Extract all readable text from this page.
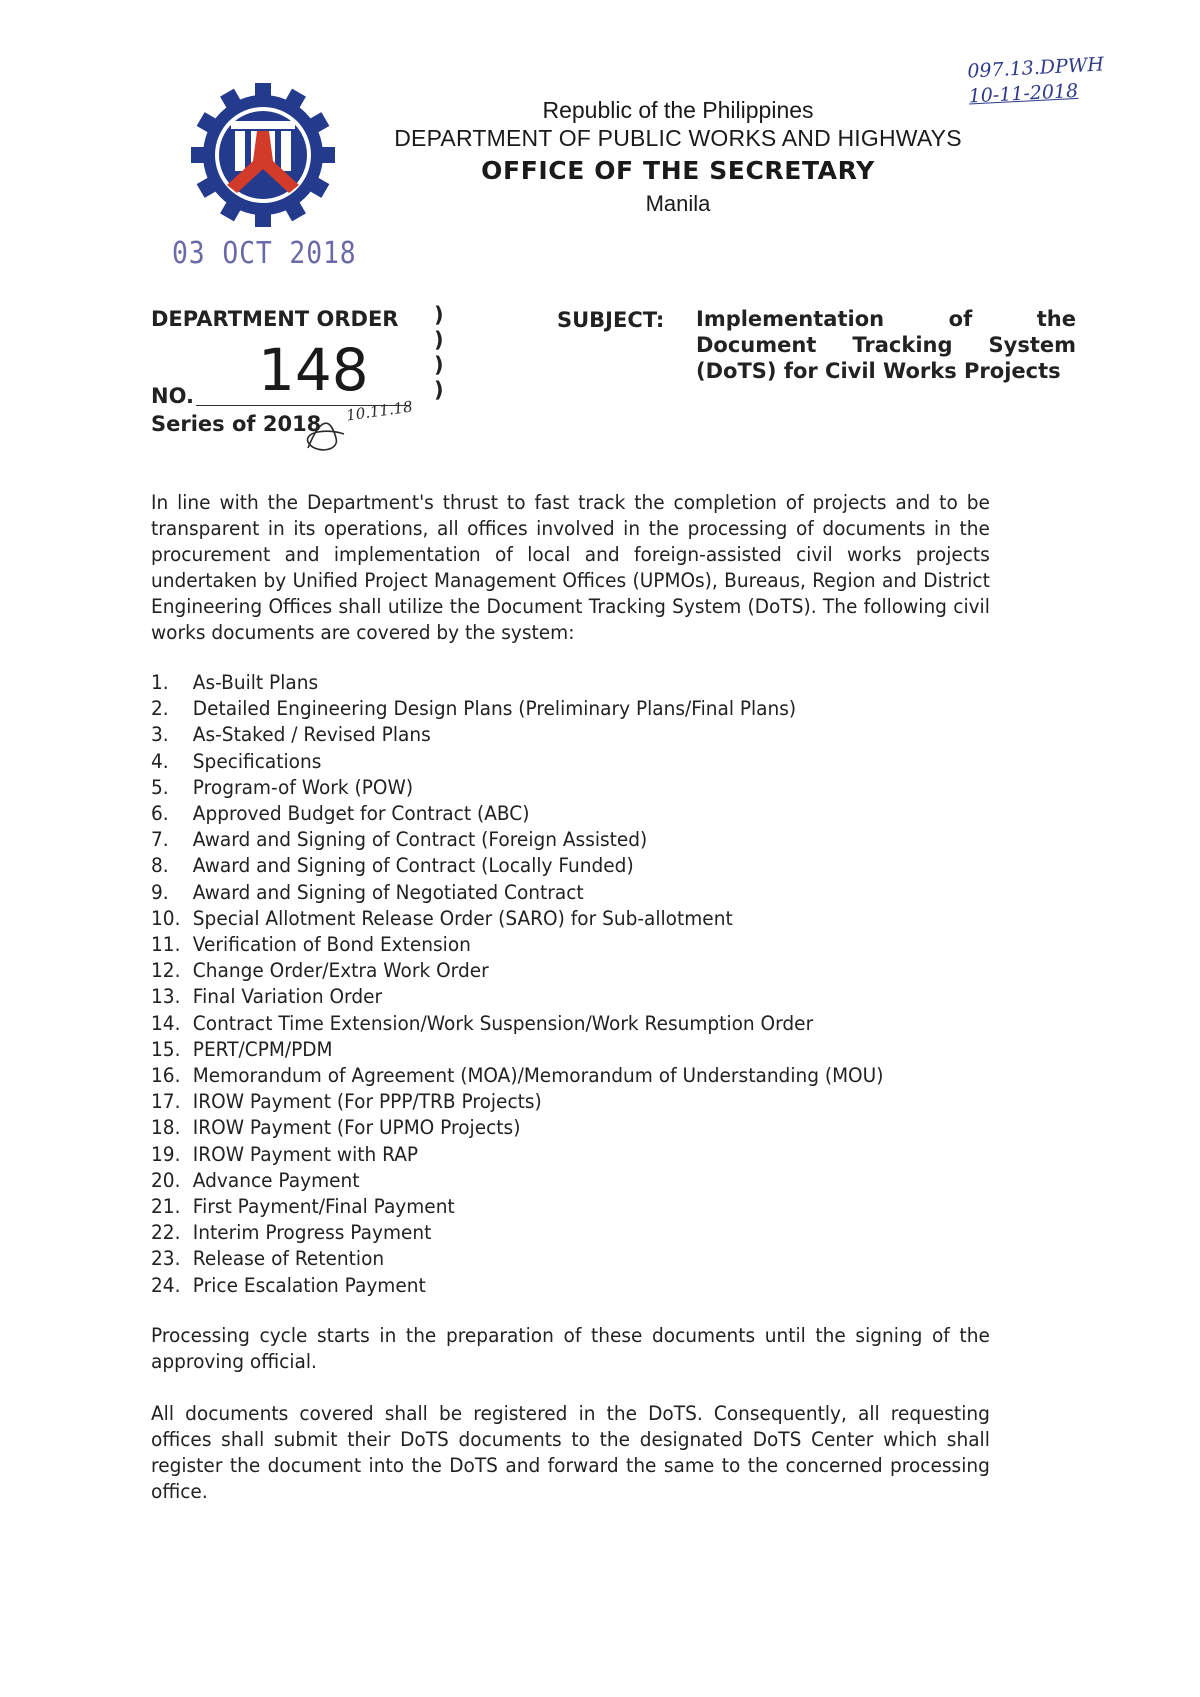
03 OCT 2018
097.13.DPWH
10-11-2018
Republic of the Philippines
DEPARTMENT OF PUBLIC WORKS AND HIGHWAYS
OFFICE OF THE SECRETARY
Manila
DEPARTMENT ORDER )
)
)
)
148
NO.
Series of 2018 10.11.18
SUBJECT: Implementation of the Document Tracking System (DoTS) for Civil Works Projects

In line with the Department's thrust to fast track the completion of projects and to be transparent in its operations, all offices involved in the processing of documents in the procurement and implementation of local and foreign-assisted civil works projects undertaken by Unified Project Management Offices (UPMOs), Bureaus, Region and District Engineering Offices shall utilize the Document Tracking System (DoTS). The following civil works documents are covered by the system:

1.	As-Built Plans
2.	Detailed Engineering Design Plans (Preliminary Plans/Final Plans)
3.	As-Staked / Revised Plans
4.	Specifications
5.	Program-of Work (POW)
6.	Approved Budget for Contract (ABC)
7.	Award and Signing of Contract (Foreign Assisted)
8.	Award and Signing of Contract (Locally Funded)
9.	Award and Signing of Negotiated Contract
10. Special Allotment Release Order (SARO) for Sub-allotment
11. Verification of Bond Extension
12. Change Order/Extra Work Order
13. Final Variation Order
14. Contract Time Extension/Work Suspension/Work Resumption Order
15. PERT/CPM/PDM
16. Memorandum of Agreement (MOA)/Memorandum of Understanding (MOU)
17. IROW Payment (For PPP/TRB Projects)
18. IROW Payment (For UPMO Projects)
19. IROW Payment with RAP
20. Advance Payment
21. First Payment/Final Payment
22. Interim Progress Payment
23. Release of Retention
24. Price Escalation Payment

Processing cycle starts in the preparation of these documents until the signing of the approving official.

All documents covered shall be registered in the DoTS. Consequently, all requesting offices shall submit their DoTS documents to the designated DoTS Center which shall register the document into the DoTS and forward the same to the concerned processing office.
